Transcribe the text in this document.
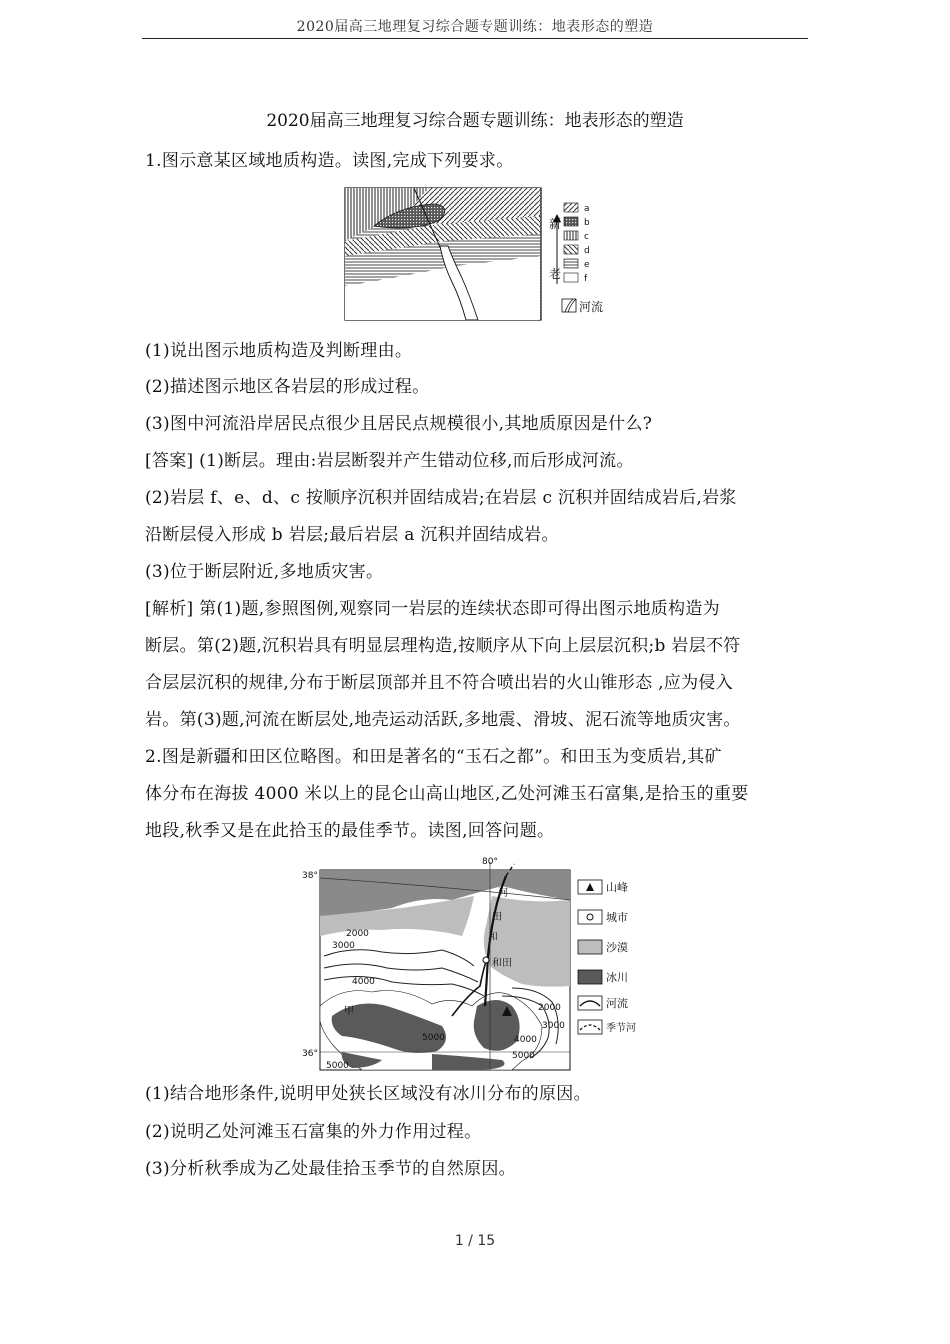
2020届高三地理复习综合题专题训练：地表形态的塑造
2020届高三地理复习综合题专题训练：地表形态的塑造
1.图示意某区域地质构造。读图,完成下列要求。
新
老
a
b
c
d
e
f
河流
(1)说出图示地质构造及判断理由。
(2)描述图示地区各岩层的形成过程。
(3)图中河流沿岸居民点很少且居民点规模很小,其地质原因是什么?
[答案] (1)断层。理由:岩层断裂并产生错动位移,而后形成河流。
(2)岩层 f、e、d、c 按顺序沉积并固结成岩;在岩层 c 沉积并固结成岩后,岩浆
沿断层侵入形成 b 岩层;最后岩层 a 沉积并固结成岩。
(3)位于断层附近,多地质灾害。
[解析] 第(1)题,参照图例,观察同一岩层的连续状态即可得出图示地质构造为
断层。第(2)题,沉积岩具有明显层理构造,按顺序从下向上层层沉积;b 岩层不符
合层层沉积的规律,分布于断层顶部并且不符合喷出岩的火山锥形态 ,应为侵入
岩。第(3)题,河流在断层处,地壳运动活跃,多地震、滑坡、泥石流等地质灾害。
2.图是新疆和田区位略图。和田是著名的“玉石之都”。和田玉为变质岩,其矿
体分布在海拔 4000 米以上的昆仑山高山地区,乙处河滩玉石富集,是拾玉的重要
地段,秋季又是在此拾玉的最佳季节。读图,回答问题。
80°
38°
36°
和田
河
田
和
甲
2000
3000
4000
2000
3000
4000
5000
5000
5000
山峰
城市
沙漠
冰川
河流
季节河
(1)结合地形条件,说明甲处狭长区域没有冰川分布的原因。
(2)说明乙处河滩玉石富集的外力作用过程。
(3)分析秋季成为乙处最佳拾玉季节的自然原因。
1 / 15
